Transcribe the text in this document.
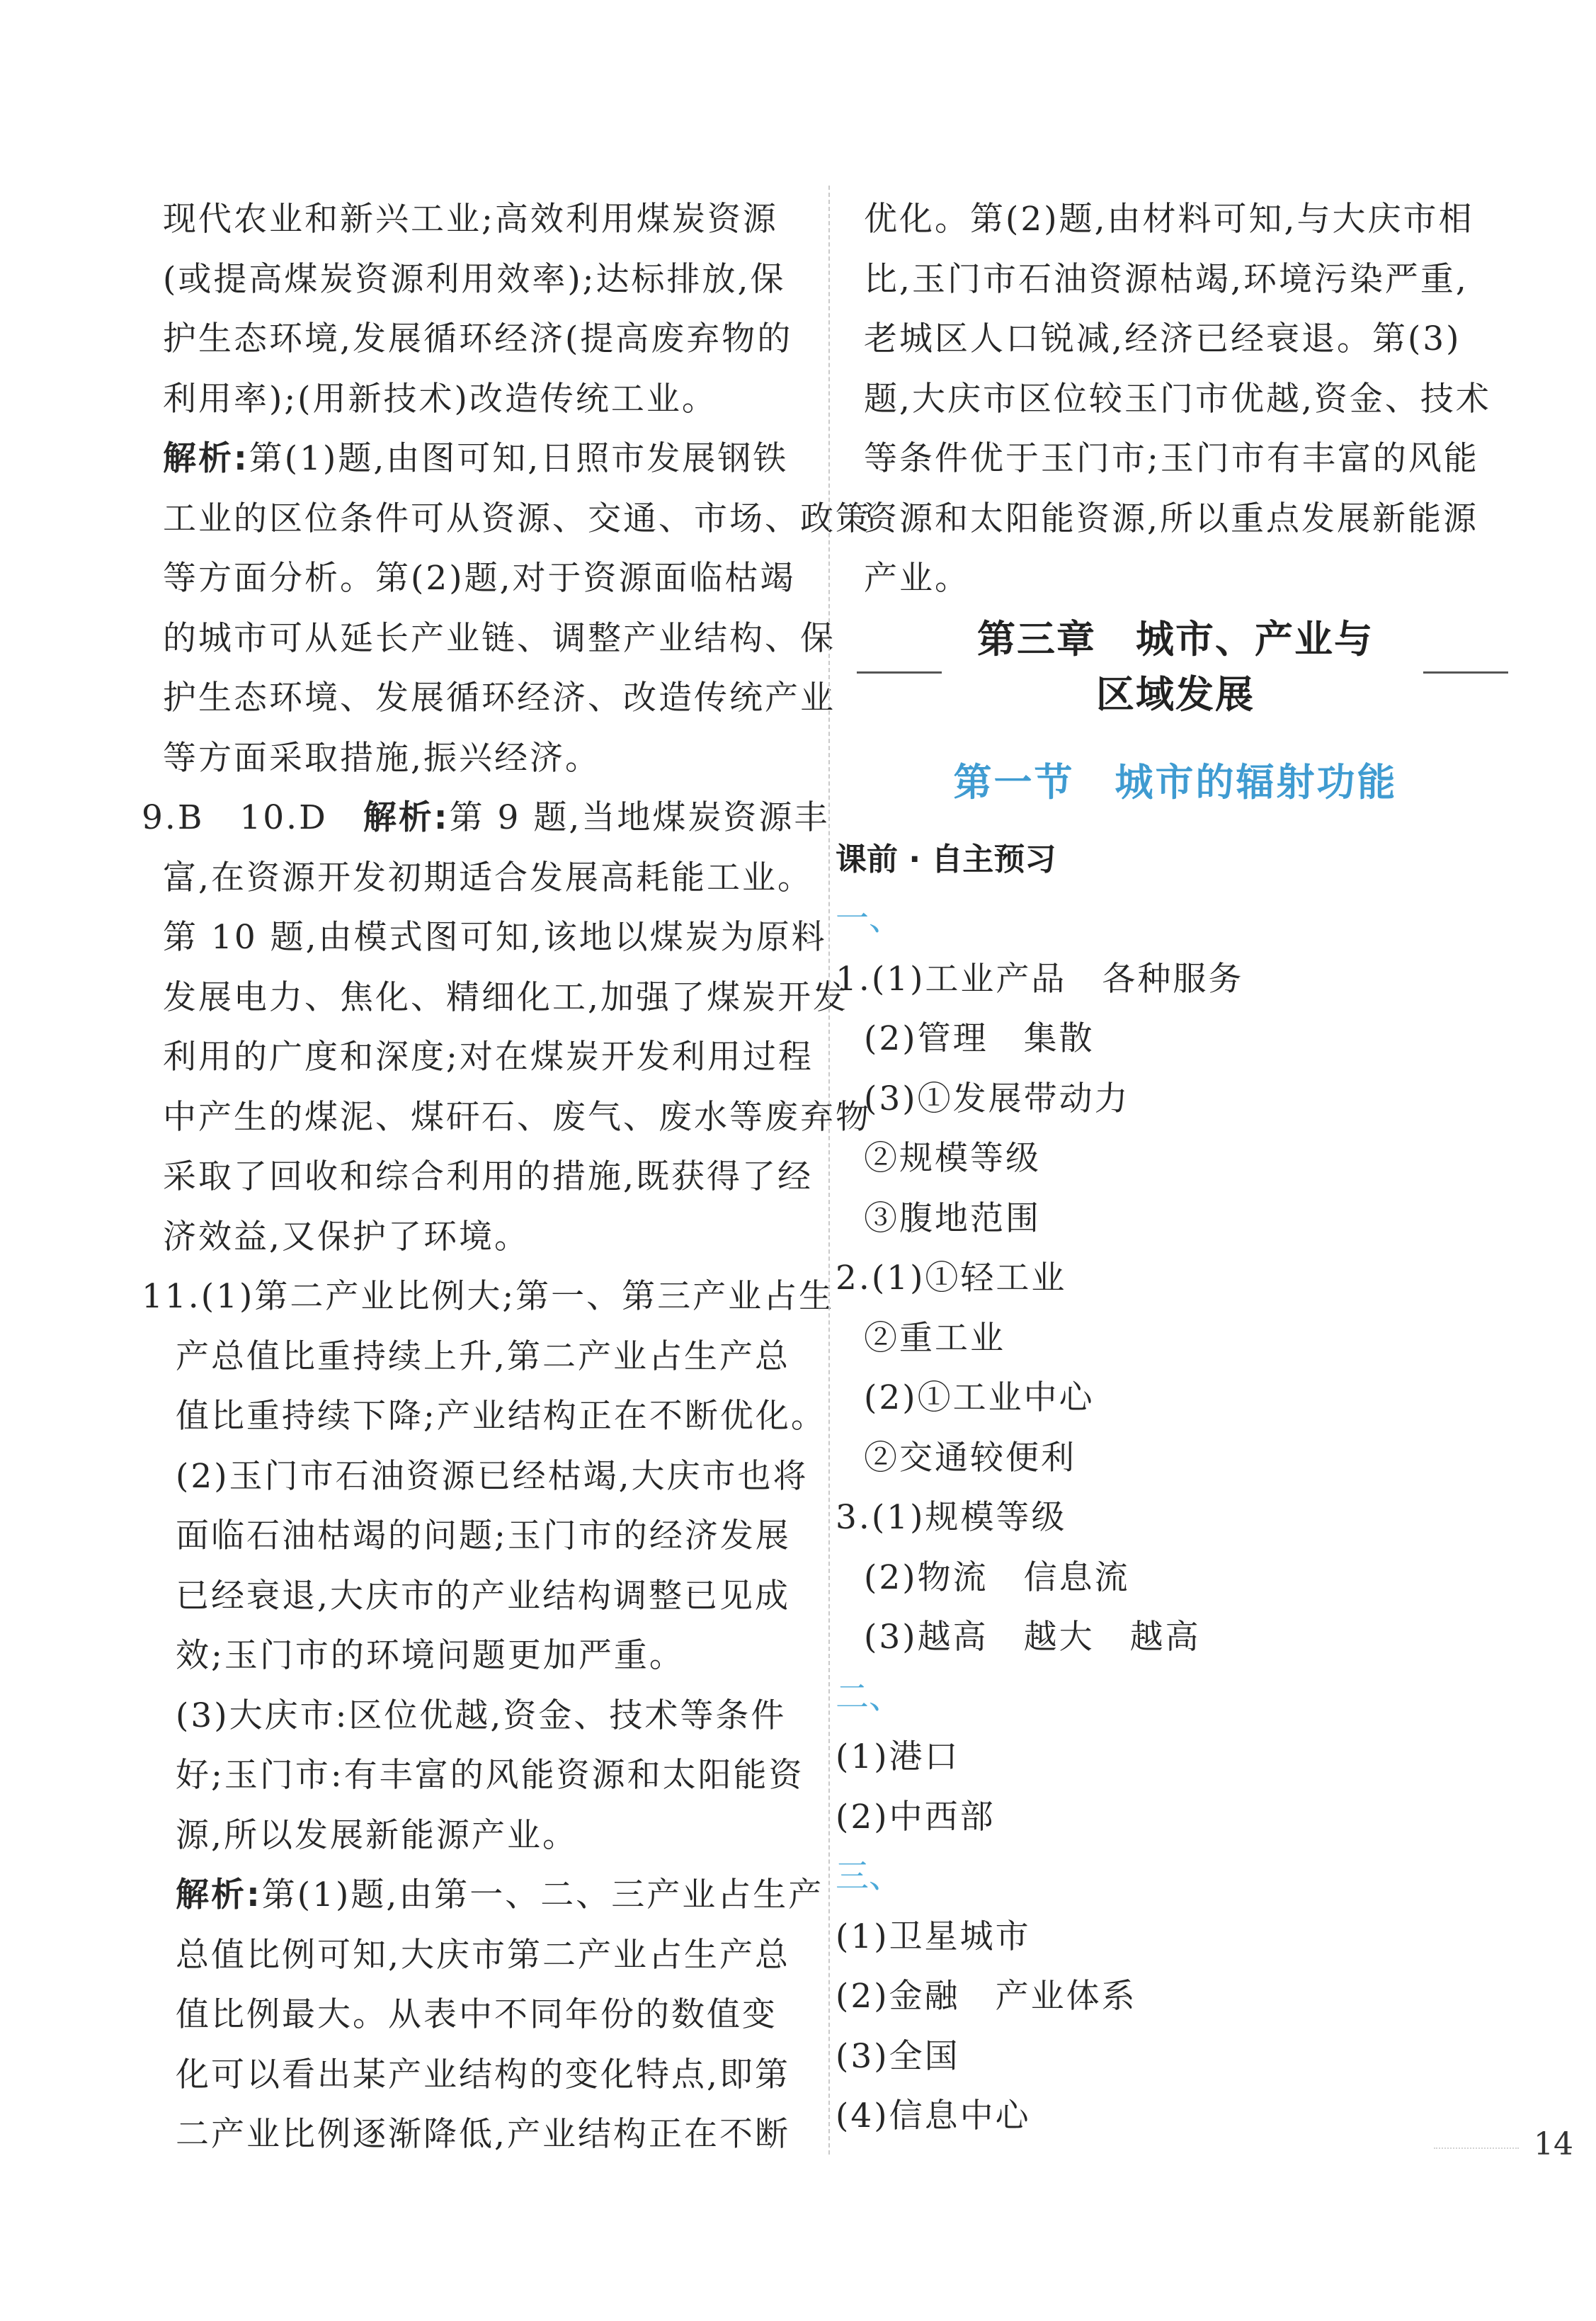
现代农业和新兴工业;高效利用煤炭资源
(或提高煤炭资源利用效率);达标排放,保
护生态环境,发展循环经济(提高废弃物的
利用率);(用新技术)改造传统工业。
解析:第(1)题,由图可知,日照市发展钢铁
工业的区位条件可从资源、交通、市场、政策
等方面分析。第(2)题,对于资源面临枯竭
的城市可从延长产业链、调整产业结构、保
护生态环境、发展循环经济、改造传统产业
等方面采取措施,振兴经济。
9.B　10.D　解析:第 9 题,当地煤炭资源丰
富,在资源开发初期适合发展高耗能工业。
第 10 题,由模式图可知,该地以煤炭为原料
发展电力、焦化、精细化工,加强了煤炭开发
利用的广度和深度;对在煤炭开发利用过程
中产生的煤泥、煤矸石、废气、废水等废弃物
采取了回收和综合利用的措施,既获得了经
济效益,又保护了环境。
11.(1)第二产业比例大;第一、第三产业占生
产总值比重持续上升,第二产业占生产总
值比重持续下降;产业结构正在不断优化。
(2)玉门市石油资源已经枯竭,大庆市也将
面临石油枯竭的问题;玉门市的经济发展
已经衰退,大庆市的产业结构调整已见成
效;玉门市的环境问题更加严重。
(3)大庆市:区位优越,资金、技术等条件
好;玉门市:有丰富的风能资源和太阳能资
源,所以发展新能源产业。
解析:第(1)题,由第一、二、三产业占生产
总值比例可知,大庆市第二产业占生产总
值比例最大。从表中不同年份的数值变
化可以看出某产业结构的变化特点,即第
二产业比例逐渐降低,产业结构正在不断
优化。第(2)题,由材料可知,与大庆市相
比,玉门市石油资源枯竭,环境污染严重,
老城区人口锐减,经济已经衰退。第(3)
题,大庆市区位较玉门市优越,资金、技术
等条件优于玉门市;玉门市有丰富的风能
资源和太阳能资源,所以重点发展新能源
产业。
第三章　城市、产业与
区域发展
第一节　城市的辐射功能
课前 · 自主预习
一、
1.(1)工业产品　各种服务
(2)管理　集散
(3)①发展带动力
②规模等级
③腹地范围
2.(1)①轻工业
②重工业
(2)①工业中心
②交通较便利
3.(1)规模等级
(2)物流　信息流
(3)越高　越大　越高
二、
(1)港口
(2)中西部
三、
(1)卫星城市
(2)金融　产业体系
(3)全国
(4)信息中心
14
